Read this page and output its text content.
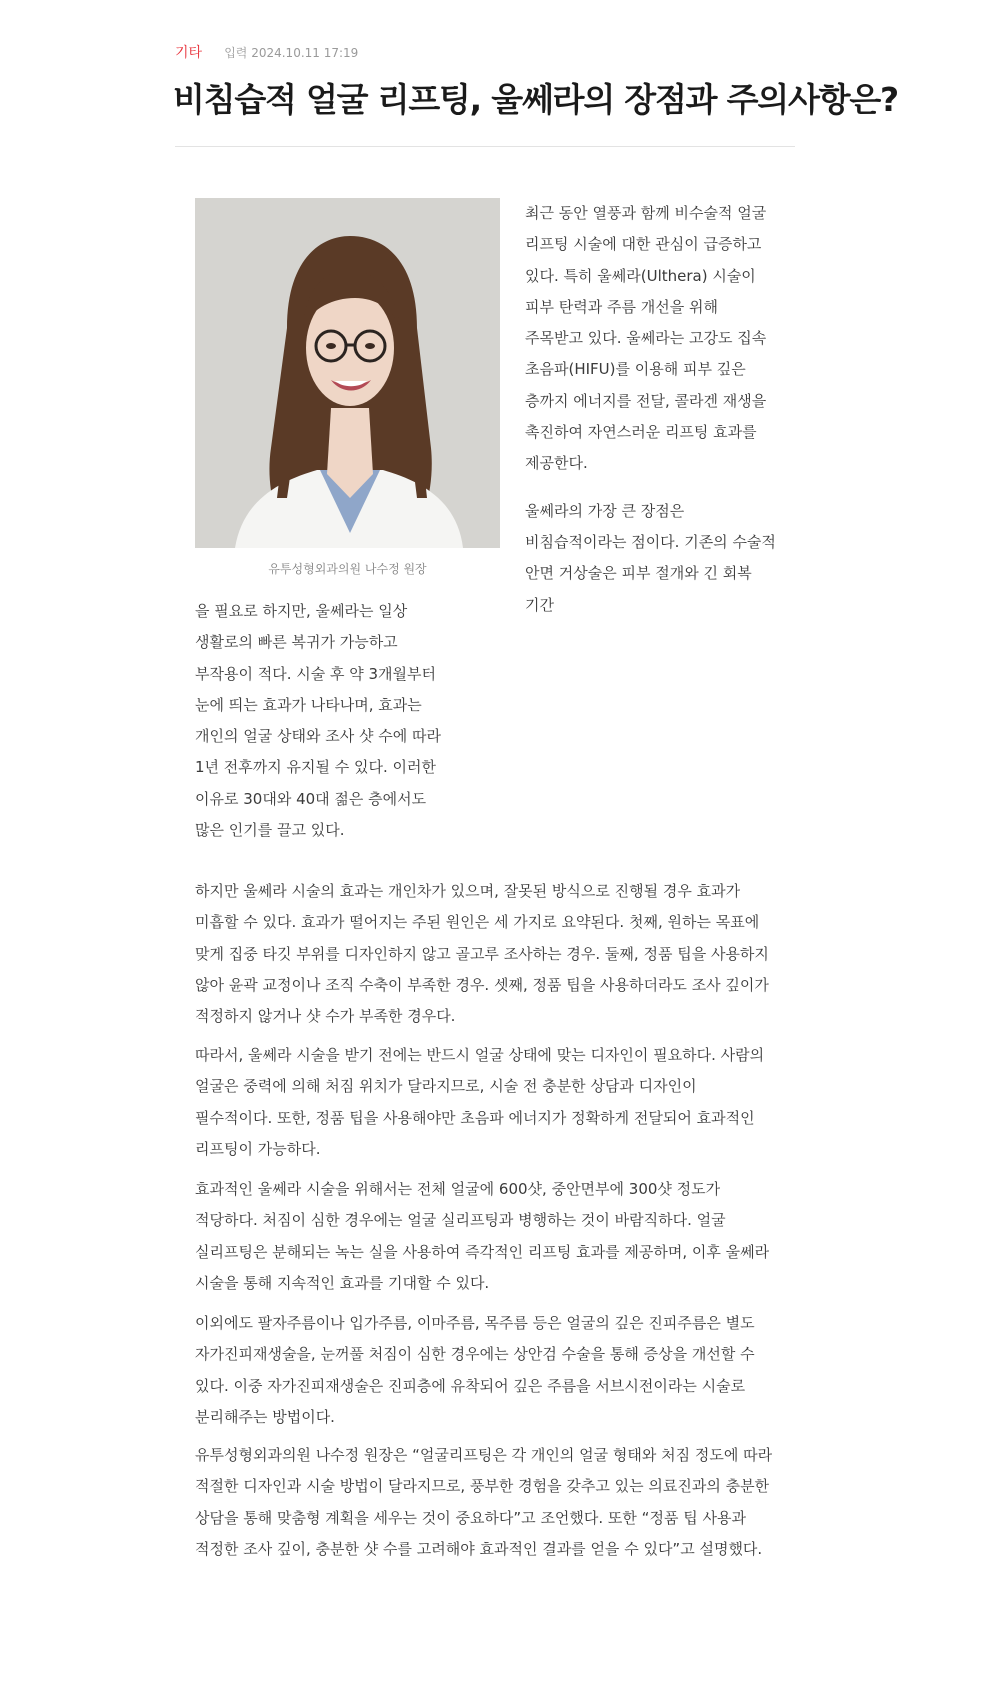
기타 입력 2024.10.11 17:19
비침습적 얼굴 리프팅, 울쎄라의 장점과 주의사항은?
유투성형외과의원 나수정 원장

최근 동안 열풍과 함께 비수술적 얼굴 리프팅 시술에 대한 관심이 급증하고 있다. 특히 울쎄라(Ulthera) 시술이 피부 탄력과 주름 개선을 위해 주목받고 있다. 울쎄라는 고강도 집속 초음파(HIFU)를 이용해 피부 깊은 층까지 에너지를 전달, 콜라겐 재생을 촉진하여 자연스러운 리프팅 효과를 제공한다.

울쎄라의 가장 큰 장점은 비침습적이라는 점이다. 기존의 수술적 안면 거상술은 피부 절개와 긴 회복 기간

을 필요로 하지만, 울쎄라는 일상 생활로의 빠른 복귀가 가능하고 부작용이 적다. 시술 후 약 3개월부터 눈에 띄는 효과가 나타나며, 효과는 개인의 얼굴 상태와 조사 샷 수에 따라 1년 전후까지 유지될 수 있다. 이러한 이유로 30대와 40대 젊은 층에서도 많은 인기를 끌고 있다.

하지만 울쎄라 시술의 효과는 개인차가 있으며, 잘못된 방식으로 진행될 경우 효과가 미흡할 수 있다. 효과가 떨어지는 주된 원인은 세 가지로 요약된다. 첫째, 원하는 목표에 맞게 집중 타깃 부위를 디자인하지 않고 골고루 조사하는 경우. 둘째, 정품 팁을 사용하지 않아 윤곽 교정이나 조직 수축이 부족한 경우. 셋째, 정품 팁을 사용하더라도 조사 깊이가 적정하지 않거나 샷 수가 부족한 경우다.

따라서, 울쎄라 시술을 받기 전에는 반드시 얼굴 상태에 맞는 디자인이 필요하다. 사람의 얼굴은 중력에 의해 처짐 위치가 달라지므로, 시술 전 충분한 상담과 디자인이 필수적이다. 또한, 정품 팁을 사용해야만 초음파 에너지가 정확하게 전달되어 효과적인 리프팅이 가능하다.

효과적인 울쎄라 시술을 위해서는 전체 얼굴에 600샷, 중안면부에 300샷 정도가 적당하다. 처짐이 심한 경우에는 얼굴 실리프팅과 병행하는 것이 바람직하다. 얼굴 실리프팅은 분해되는 녹는 실을 사용하여 즉각적인 리프팅 효과를 제공하며, 이후 울쎄라 시술을 통해 지속적인 효과를 기대할 수 있다.

이외에도 팔자주름이나 입가주름, 이마주름, 목주름 등은 얼굴의 깊은 진피주름은 별도 자가진피재생술을, 눈꺼풀 처짐이 심한 경우에는 상안검 수술을 통해 증상을 개선할 수 있다. 이중 자가진피재생술은 진피층에 유착되어 깊은 주름을 서브시전이라는 시술로 분리해주는 방법이다.

유투성형외과의원 나수정 원장은 “얼굴리프팅은 각 개인의 얼굴 형태와 처짐 정도에 따라 적절한 디자인과 시술 방법이 달라지므로, 풍부한 경험을 갖추고 있는 의료진과의 충분한 상담을 통해 맞춤형 계획을 세우는 것이 중요하다”고 조언했다. 또한 “정품 팁 사용과 적정한 조사 깊이, 충분한 샷 수를 고려해야 효과적인 결과를 얻을 수 있다”고 설명했다.
